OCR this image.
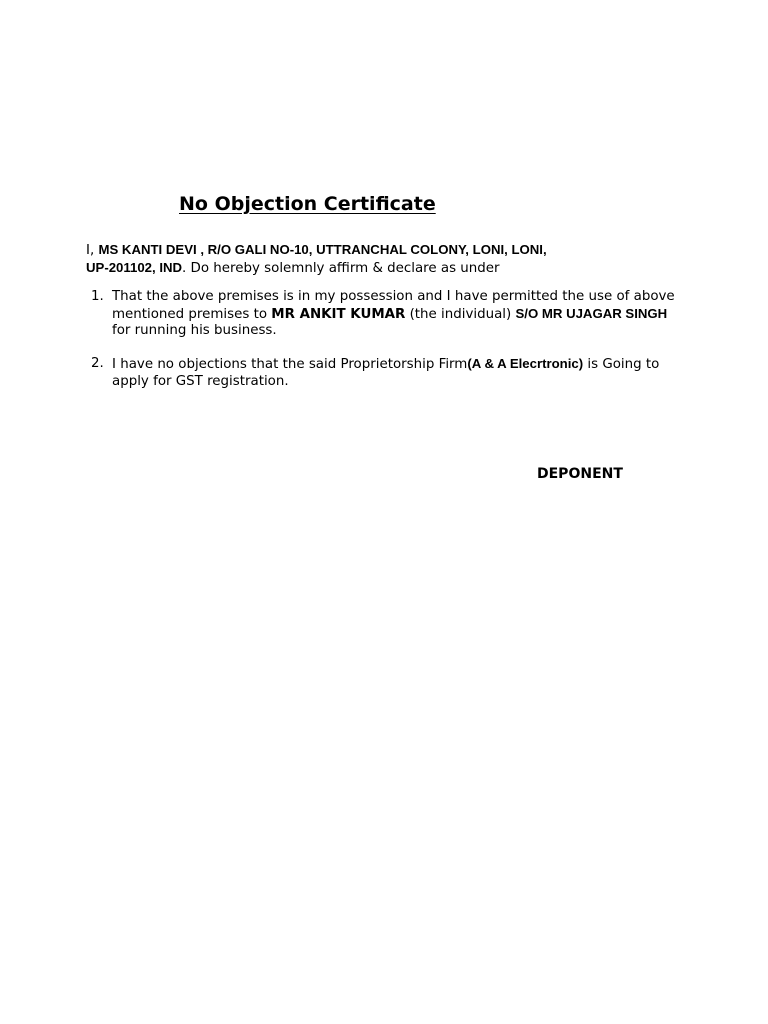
No Objection Certificate
I, MS KANTI DEVI , R/O GALI NO-10, UTTRANCHAL COLONY, LONI, LONI,
UP-201102, IND. Do hereby solemnly affirm & declare as under
1. That the above premises is in my possession and I have permitted the use of above mentioned premises to MR ANKIT KUMAR (the individual) S/O MR UJAGAR SINGH for running his business.
2. I have no objections that the said Proprietorship Firm(A & A Elecrtronic) is Going to apply for GST registration.
DEPONENT
